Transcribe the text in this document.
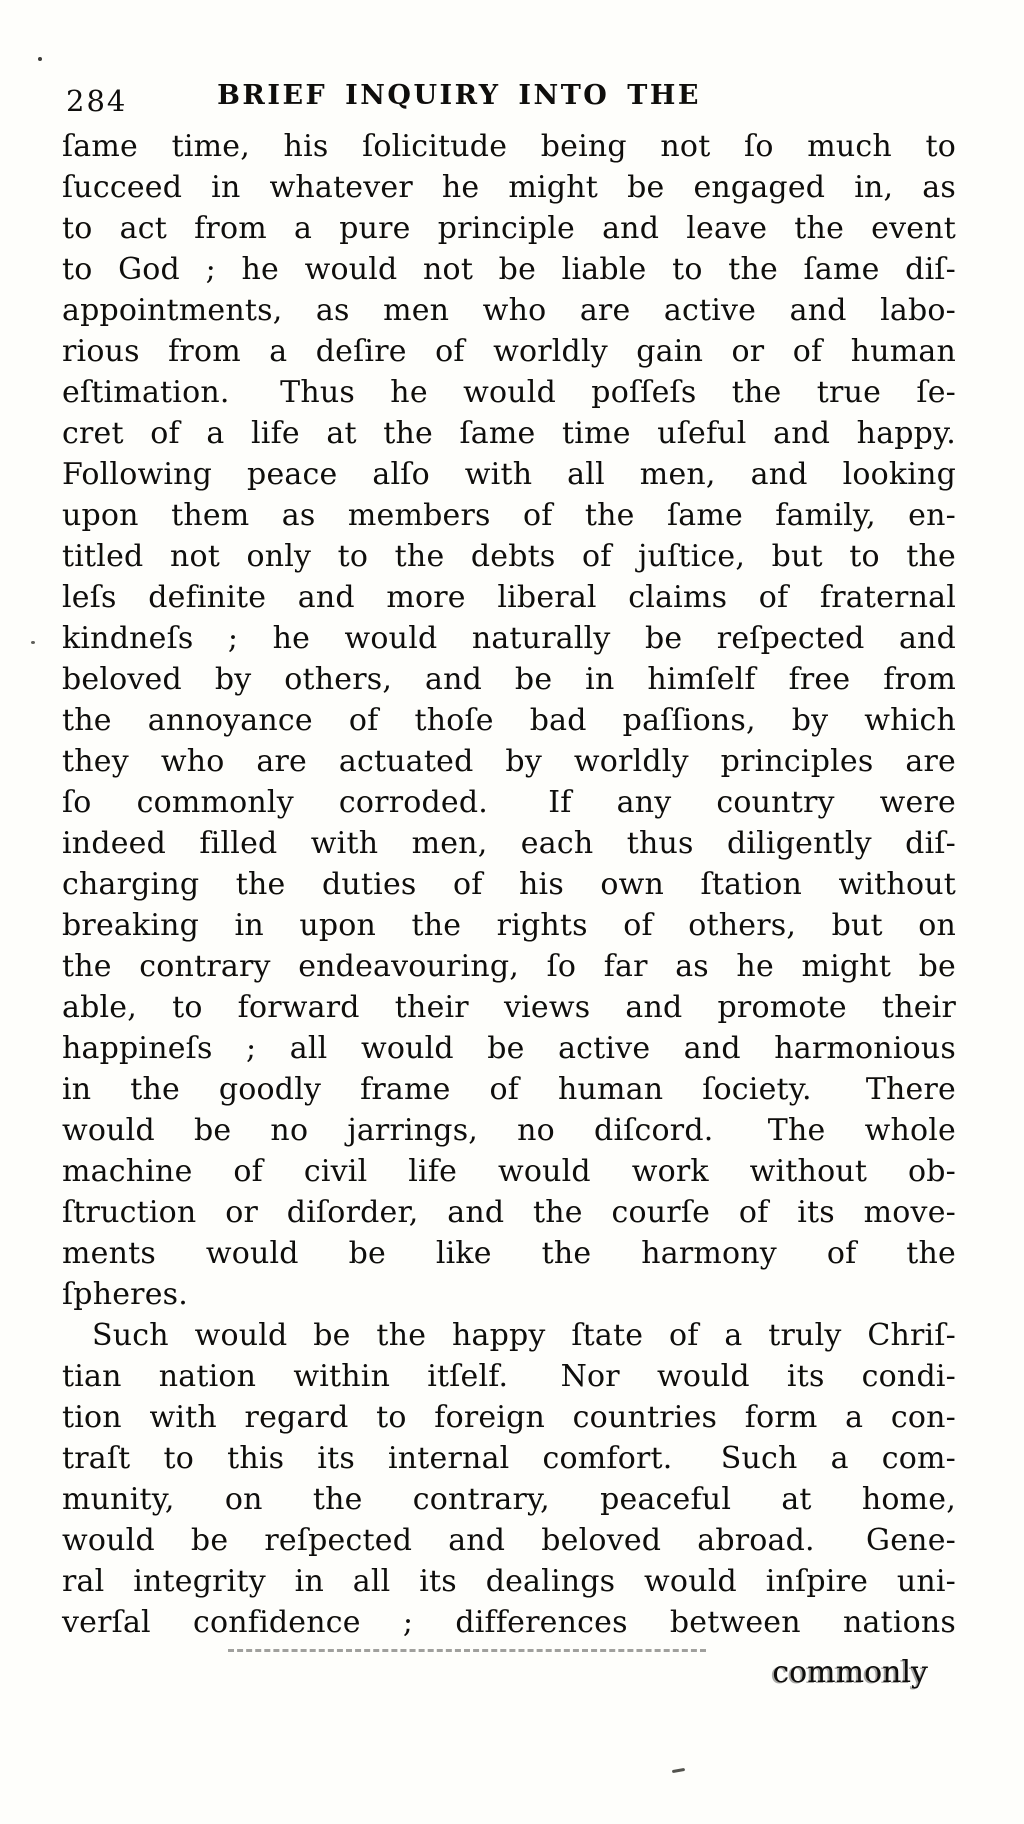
284	BRIEF INQUIRY INTO THE
ſame time, his ſolicitude being not ſo much to
ſucceed in whatever he might be engaged in, as
to act from a pure principle and leave the event
to God ; he would not be liable to the ſame diſ-
appointments, as men who are active and labo-
rious from a deſire of worldly gain or of human
eſtimation.  Thus he would poſſeſs the true ſe-
cret of a life at the ſame time uſeful and happy.
Following peace alſo with all men, and looking
upon them as members of the ſame family, en-
titled not only to the debts of juſtice, but to the
leſs definite and more liberal claims of fraternal
kindneſs ; he would naturally be reſpected and
beloved by others, and be in himſelf free from
the annoyance of thoſe bad paſſions, by which
they who are actuated by worldly principles are
ſo commonly corroded.  If any country were
indeed filled with men, each thus diligently diſ-
charging the duties of his own ſtation without
breaking in upon the rights of others, but on
the contrary endeavouring, ſo far as he might be
able, to forward their views and promote their
happineſs ; all would be active and harmonious
in the goodly frame of human ſociety.  There
would be no jarrings, no diſcord.  The whole
machine of civil life would work without ob-
ſtruction or diſorder, and the courſe of its move-
ments would be like the harmony of the
ſpheres.
Such would be the happy ſtate of a truly Chriſ-
tian nation within itſelf.  Nor would its condi-
tion with regard to foreign countries form a con-
traſt to this its internal comfort.  Such a com-
munity, on the contrary, peaceful at home,
would be reſpected and beloved abroad.  Gene-
ral integrity in all its dealings would inſpire uni-
verſal confidence ; differences between nations
commonly
